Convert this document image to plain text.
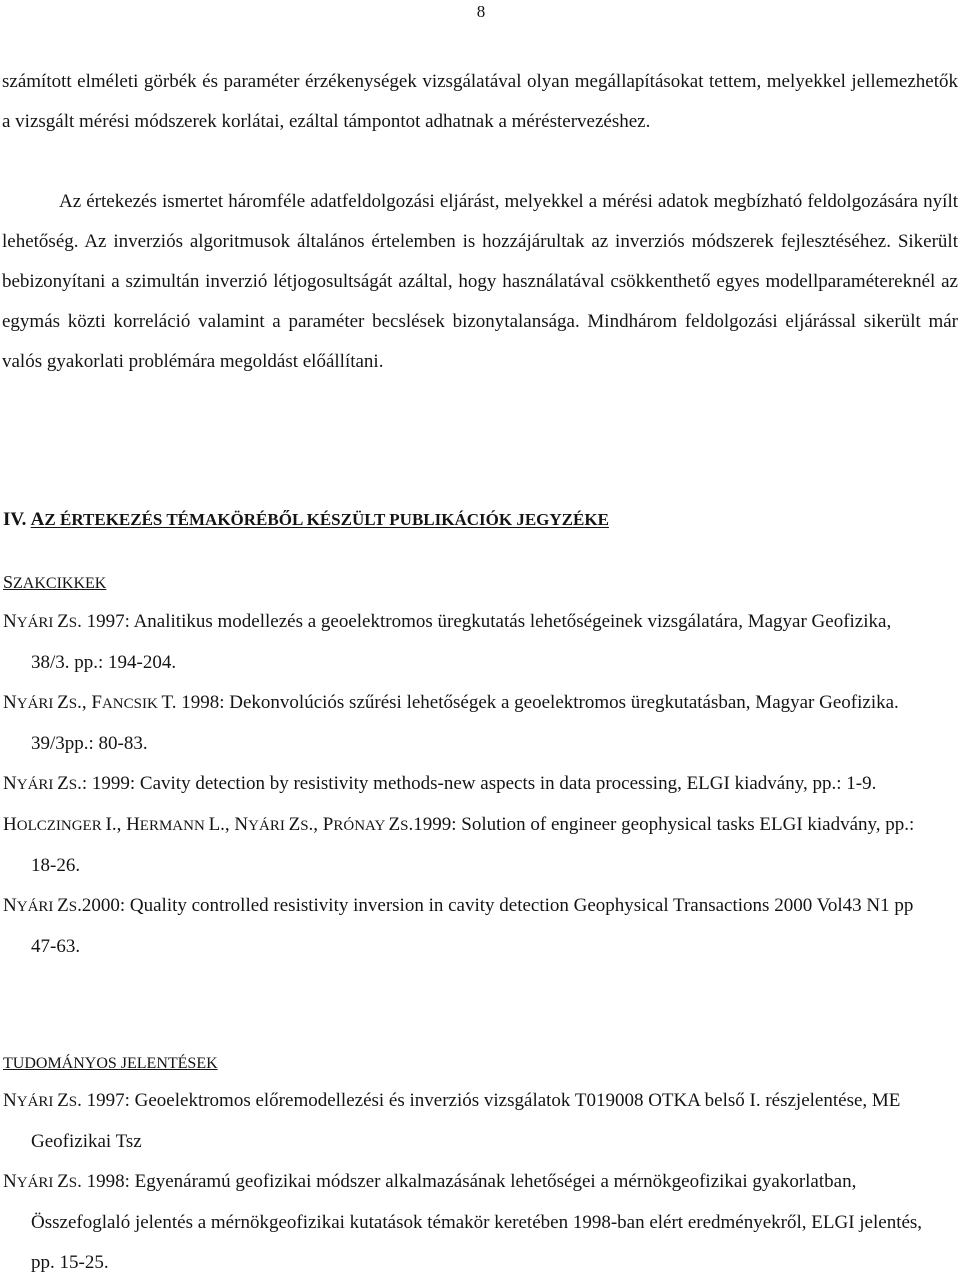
8

számított elméleti görbék és paraméter érzékenységek vizsgálatával olyan megállapításokat tettem, melyekkel jellemezhetők a vizsgált mérési módszerek korlátai, ezáltal támpontot adhatnak a méréstervezéshez.

Az értekezés ismertet háromféle adatfeldolgozási eljárást, melyekkel a mérési adatok megbízható feldolgozására nyílt lehetőség. Az inverziós algoritmusok általános értelemben is hozzájárultak az inverziós módszerek fejlesztéséhez. Sikerült bebizonyítani a szimultán inverzió létjogosultságát azáltal, hogy használatával csökkenthető egyes modellparamétereknél az egymás közti korreláció valamint a paraméter becslések bizonytalansága. Mindhárom feldolgozási eljárással sikerült már valós gyakorlati problémára megoldást előállítani.

IV. AZ ÉRTEKEZÉS TÉMAKÖRÉBŐL KÉSZÜLT PUBLIKÁCIÓK JEGYZÉKE
SZAKCIKKEK

NYÁRI ZS. 1997: Analitikus modellezés a geoelektromos üregkutatás lehetőségeinek vizsgálatára, Magyar Geofizika, 38/3. pp.: 194-204.

NYÁRI ZS., FANCSIK T. 1998: Dekonvolúciós szűrési lehetőségek a geoelektromos üregkutatásban, Magyar Geofizika. 39/3pp.: 80-83.

NYÁRI ZS.: 1999: Cavity detection by resistivity methods-new aspects in data processing, ELGI kiadvány, pp.: 1-9.

HOLCZINGER I., HERMANN L., NYÁRI ZS., PRÓNAY ZS.1999: Solution of engineer geophysical tasks ELGI kiadvány, pp.: 18-26.

NYÁRI ZS.2000: Quality controlled resistivity inversion in cavity detection Geophysical Transactions 2000 Vol43 N1 pp 47-63.

TUDOMÁNYOS JELENTÉSEK

NYÁRI ZS. 1997: Geoelektromos előremodellezési és inverziós vizsgálatok T019008 OTKA belső I. részjelentése, ME Geofizikai Tsz

NYÁRI ZS. 1998: Egyenáramú geofizikai módszer alkalmazásának lehetőségei a mérnökgeofizikai gyakorlatban, Összefoglaló jelentés a mérnökgeofizikai kutatások témakör keretében 1998-ban elért eredményekről, ELGI jelentés, pp. 15-25.
